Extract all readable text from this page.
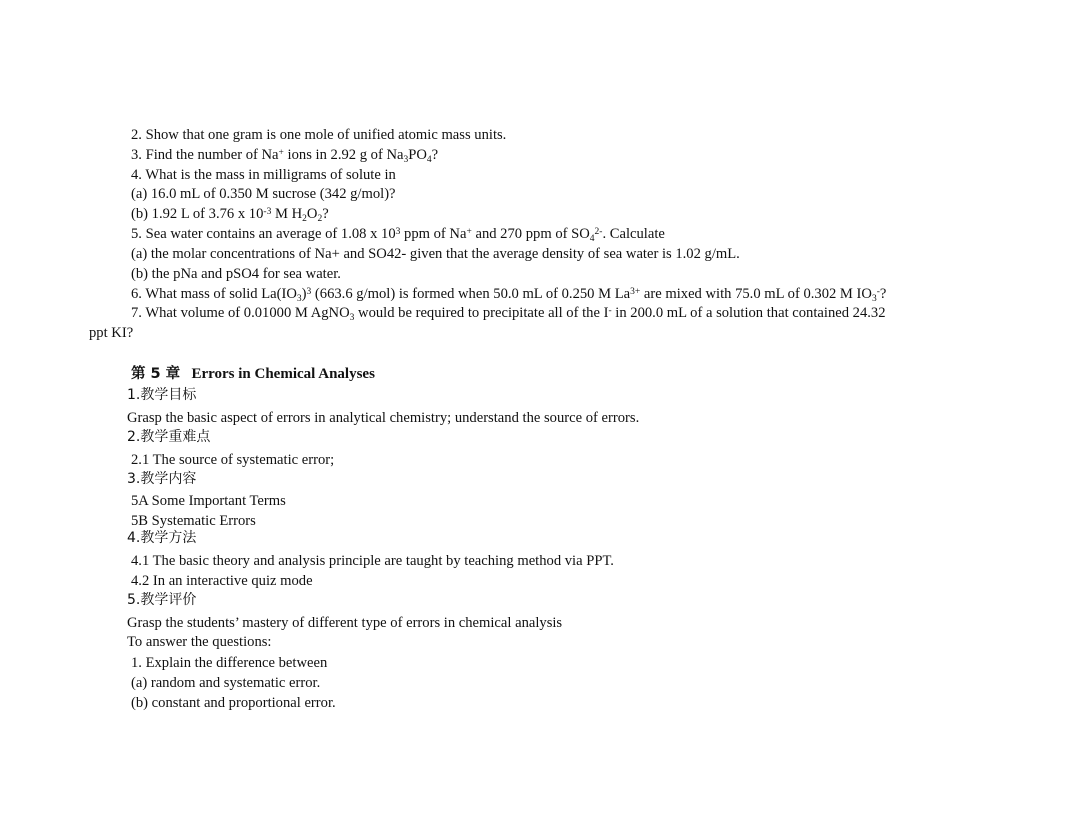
2. Show that one gram is one mole of unified atomic mass units.
3. Find the number of Na+ ions in 2.92 g of $Na_3PO_4$?
4. What is the mass in milligrams of solute in
(a) 16.0 mL of 0.350 M sucrose (342 g/mol)?
(b) 1.92 L of 3.76 x $10^{-3}$ M $H_2O_2$?
5. Sea water contains an average of 1.08 x $10^3$ ppm of Na+ and 270 ppm of $SO_4^{2-}$. Calculate
(a) the molar concentrations of Na+ and SO42- given that the average density of sea water is 1.02 g/mL.
(b) the pNa and pSO4 for sea water.
6. What mass of solid $La(IO_3)^3$ (663.6 g/mol) is formed when 50.0 mL of 0.250 M $La^{3+}$ are mixed with 75.0 mL of 0.302 M $IO_3^-$?
7. What volume of 0.01000 M AgNO$_3$ would be required to precipitate all of the I- in 200.0 mL of a solution that contained 24.32
ppt KI?
第 5 章 Errors in Chemical Analyses
1.教学目标
Grasp the basic aspect of errors in analytical chemistry; understand the source of errors.
2.教学重难点
2.1 The source of systematic error;
3.教学内容
5A Some Important Terms
5B Systematic Errors
4.教学方法
4.1 The basic theory and analysis principle are taught by teaching method via PPT.
4.2 In an interactive quiz mode
5.教学评价
Grasp the students’ mastery of different type of errors in chemical analysis
To answer the questions:
1. Explain the difference between
(a) random and systematic error.
(b) constant and proportional error.
